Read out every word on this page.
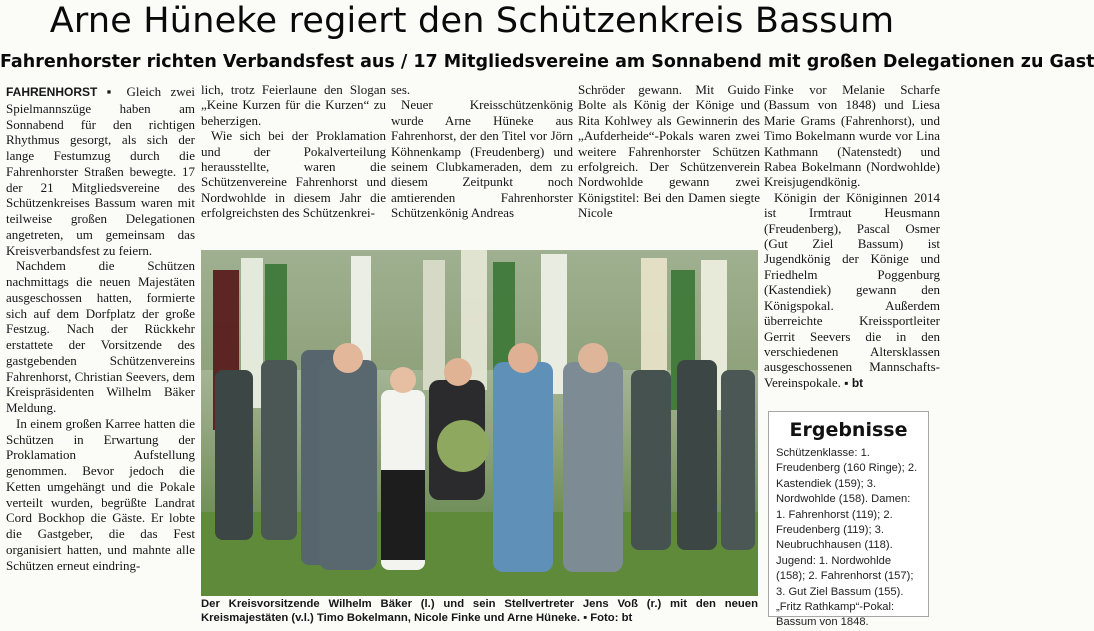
Arne Hüneke regiert den Schützenkreis Bassum
Fahrenhorster richten Verbandsfest aus / 17 Mitgliedsvereine am Sonnabend mit großen Delegationen zu Gast

FAHRENHORST ▪ Gleich zwei Spielmannszüge haben am Sonnabend für den richtigen Rhythmus gesorgt, als sich der lange Festumzug durch die Fahrenhorster Straßen bewegte. 17 der 21 Mitgliedsvereine des Schützenkreises Bassum waren mit teilweise großen Delegationen angetreten, um gemeinsam das Kreisverbandsfest zu feiern.

Nachdem die Schützen nachmittags die neuen Majestäten ausgeschossen hatten, formierte sich auf dem Dorfplatz der große Festzug. Nach der Rückkehr erstattete der Vorsitzende des gastgebenden Schützenvereins Fahrenhorst, Christian Seevers, dem Kreispräsidenten Wilhelm Bäker Meldung.

In einem großen Karree hatten die Schützen in Erwartung der Proklamation Aufstellung genommen. Bevor jedoch die Ketten umgehängt und die Pokale verteilt wurden, begrüßte Landrat Cord Bockhop die Gäste. Er lobte die Gastgeber, die das Fest organisiert hatten, und mahnte alle Schützen erneut eindring-

lich, trotz Feierlaune den Slogan „Keine Kurzen für die Kurzen“ zu beherzigen.

Wie sich bei der Proklamation und der Pokalverteilung herausstellte, waren die Schützenvereine Fahrenhorst und Nordwohlde in diesem Jahr die erfolgreichsten des Schützenkrei-

ses.

Neuer Kreisschützenkönig wurde Arne Hüneke aus Fahrenhorst, der den Titel vor Jörn Köhnenkamp (Freudenberg) und seinem Clubkameraden, dem zu diesem Zeitpunkt noch amtierenden Fahrenhorster Schützenkönig Andreas

Schröder gewann. Mit Guido Bolte als König der Könige und Rita Kohlwey als Gewinnerin des „Aufderheide“-Pokals waren zwei weitere Fahrenhorster Schützen erfolgreich. Der Schützenverein Nordwohlde gewann zwei Königstitel: Bei den Damen siegte Nicole

Finke vor Melanie Scharfe (Bassum von 1848) und Liesa Marie Grams (Fahrenhorst), und Timo Bokelmann wurde vor Lina Kathmann (Natenstedt) und Rabea Bokelmann (Nordwohlde) Kreisjugendkönig.

Königin der Königinnen 2014 ist Irmtraut Heusmann (Freudenberg), Pascal Osmer (Gut Ziel Bassum) ist Jugendkönig der Könige und Friedhelm Poggenburg (Kastendiek) gewann den Königspokal. Außerdem überreichte Kreissportleiter Gerrit Seevers die in den verschiedenen Altersklassen ausgeschossenen Mannschafts-Vereinspokale. ▪ bt

Der Kreisvorsitzende Wilhelm Bäker (l.) und sein Stellvertreter Jens Voß (r.) mit den neuen Kreismajestäten (v.l.) Timo Bokelmann, Nicole Finke und Arne Hüneke. ▪ Foto: bt
Ergebnisse
Schützenklasse: 1. Freudenberg (160 Ringe); 2. Kastendiek (159); 3. Nordwohlde (158). Damen: 1. Fahrenhorst (119); 2. Freudenberg (119); 3. Neubruchhausen (118). Jugend: 1. Nordwohlde (158); 2. Fahrenhorst (157); 3. Gut Ziel Bassum (155). „Fritz Rathkamp“-Pokal: Bassum von 1848.
